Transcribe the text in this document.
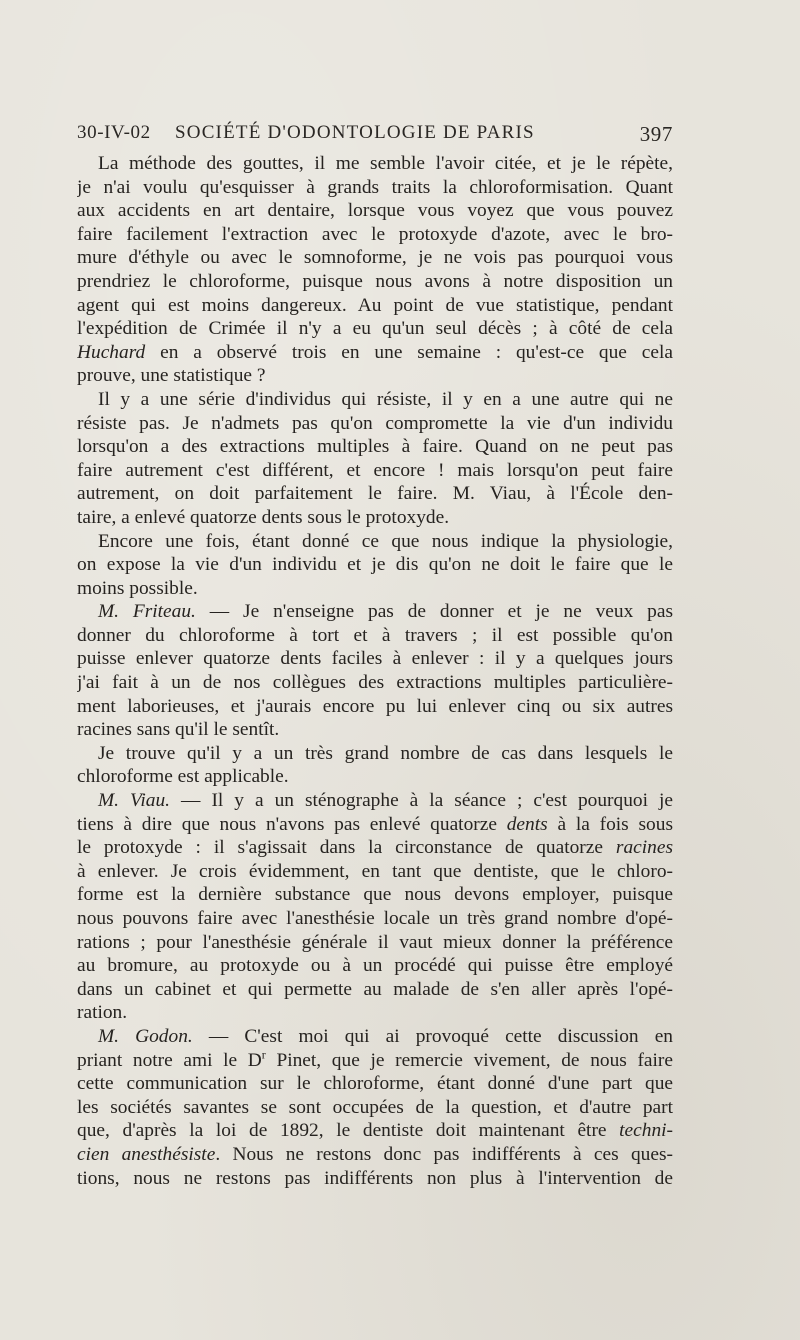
30-IV-02 SOCIÉTÉ D'ODONTOLOGIE DE PARIS	397

La méthode des gouttes, il me semble l'avoir citée, et je le répète,
je n'ai voulu qu'esquisser à grands traits la chloroformisation. Quant
aux accidents en art dentaire, lorsque vous voyez que vous pouvez
faire facilement l'extraction avec le protoxyde d'azote, avec le bro-
mure d'éthyle ou avec le somnoforme, je ne vois pas pourquoi vous
prendriez le chloroforme, puisque nous avons à notre disposition un
agent qui est moins dangereux. Au point de vue statistique, pendant
l'expédition de Crimée il n'y a eu qu'un seul décès ; à côté de cela
Huchard en a observé trois en une semaine : qu'est-ce que cela
prouve, une statistique ?

Il y a une série d'individus qui résiste, il y en a une autre qui ne
résiste pas. Je n'admets pas qu'on compromette la vie d'un individu
lorsqu'on a des extractions multiples à faire. Quand on ne peut pas
faire autrement c'est différent, et encore ! mais lorsqu'on peut faire
autrement, on doit parfaitement le faire. M. Viau, à l'École den-
taire, a enlevé quatorze dents sous le protoxyde.

Encore une fois, étant donné ce que nous indique la physiologie,
on expose la vie d'un individu et je dis qu'on ne doit le faire que le
moins possible.

M. Friteau. — Je n'enseigne pas de donner et je ne veux pas
donner du chloroforme à tort et à travers ; il est possible qu'on
puisse enlever quatorze dents faciles à enlever : il y a quelques jours
j'ai fait à un de nos collègues des extractions multiples particulière-
ment laborieuses, et j'aurais encore pu lui enlever cinq ou six autres
racines sans qu'il le sentît.

Je trouve qu'il y a un très grand nombre de cas dans lesquels le
chloroforme est applicable.

M. Viau. — Il y a un sténographe à la séance ; c'est pourquoi je
tiens à dire que nous n'avons pas enlevé quatorze dents à la fois sous
le protoxyde : il s'agissait dans la circonstance de quatorze racines
à enlever. Je crois évidemment, en tant que dentiste, que le chloro-
forme est la dernière substance que nous devons employer, puisque
nous pouvons faire avec l'anesthésie locale un très grand nombre d'opé-
rations ; pour l'anesthésie générale il vaut mieux donner la préférence
au bromure, au protoxyde ou à un procédé qui puisse être employé
dans un cabinet et qui permette au malade de s'en aller après l'opé-
ration.

M. Godon. — C'est moi qui ai provoqué cette discussion en
priant notre ami le $D^r$ Pinet, que je remercie vivement, de nous faire
cette communication sur le chloroforme, étant donné d'une part que
les sociétés savantes se sont occupées de la question, et d'autre part
que, d'après la loi de 1892, le dentiste doit maintenant être techni-
cien anesthésiste. Nous ne restons donc pas indifférents à ces ques-
tions, nous ne restons pas indifférents non plus à l'intervention de
